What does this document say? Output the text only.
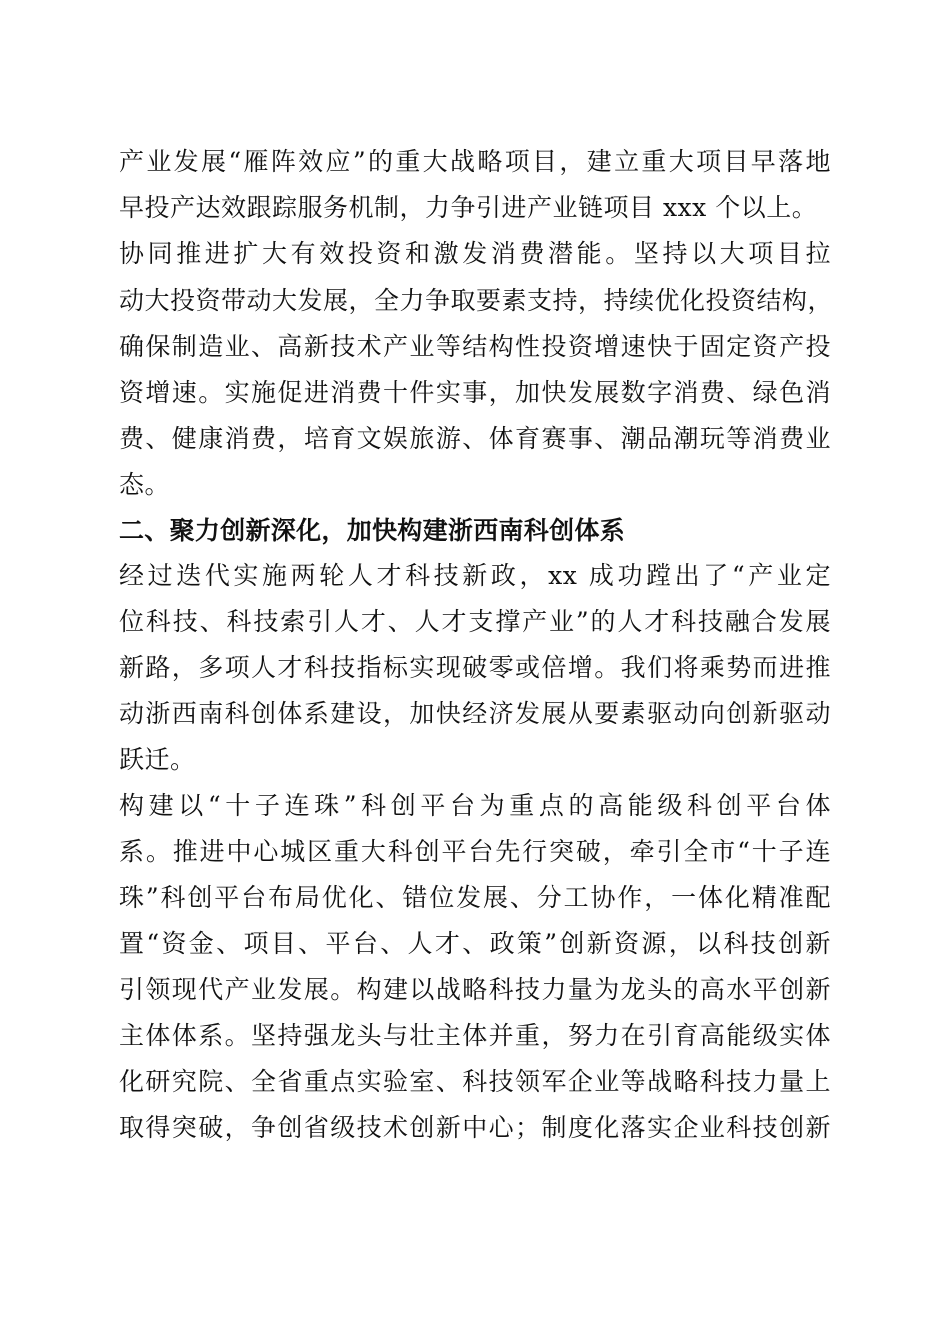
产业发展“雁阵效应”的重大战略项目，建立重大项目早落地
早投产达效跟踪服务机制，力争引进产业链项目 xxx 个以上。
协同推进扩大有效投资和激发消费潜能。坚持以大项目拉
动大投资带动大发展，全力争取要素支持，持续优化投资结构，
确保制造业、高新技术产业等结构性投资增速快于固定资产投
资增速。实施促进消费十件实事，加快发展数字消费、绿色消
费、健康消费，培育文娱旅游、体育赛事、潮品潮玩等消费业
态。
二、聚力创新深化，加快构建浙西南科创体系
经过迭代实施两轮人才科技新政，xx 成功蹚出了“产业定
位科技、科技索引人才、人才支撑产业”的人才科技融合发展
新路，多项人才科技指标实现破零或倍增。我们将乘势而进推
动浙西南科创体系建设，加快经济发展从要素驱动向创新驱动
跃迁。
构建以“十子连珠”科创平台为重点的高能级科创平台体
系。推进中心城区重大科创平台先行突破，牵引全市“十子连
珠”科创平台布局优化、错位发展、分工协作，一体化精准配
置“资金、项目、平台、人才、政策”创新资源，以科技创新
引领现代产业发展。构建以战略科技力量为龙头的高水平创新
主体体系。坚持强龙头与壮主体并重，努力在引育高能级实体
化研究院、全省重点实验室、科技领军企业等战略科技力量上
取得突破，争创省级技术创新中心；制度化落实企业科技创新
